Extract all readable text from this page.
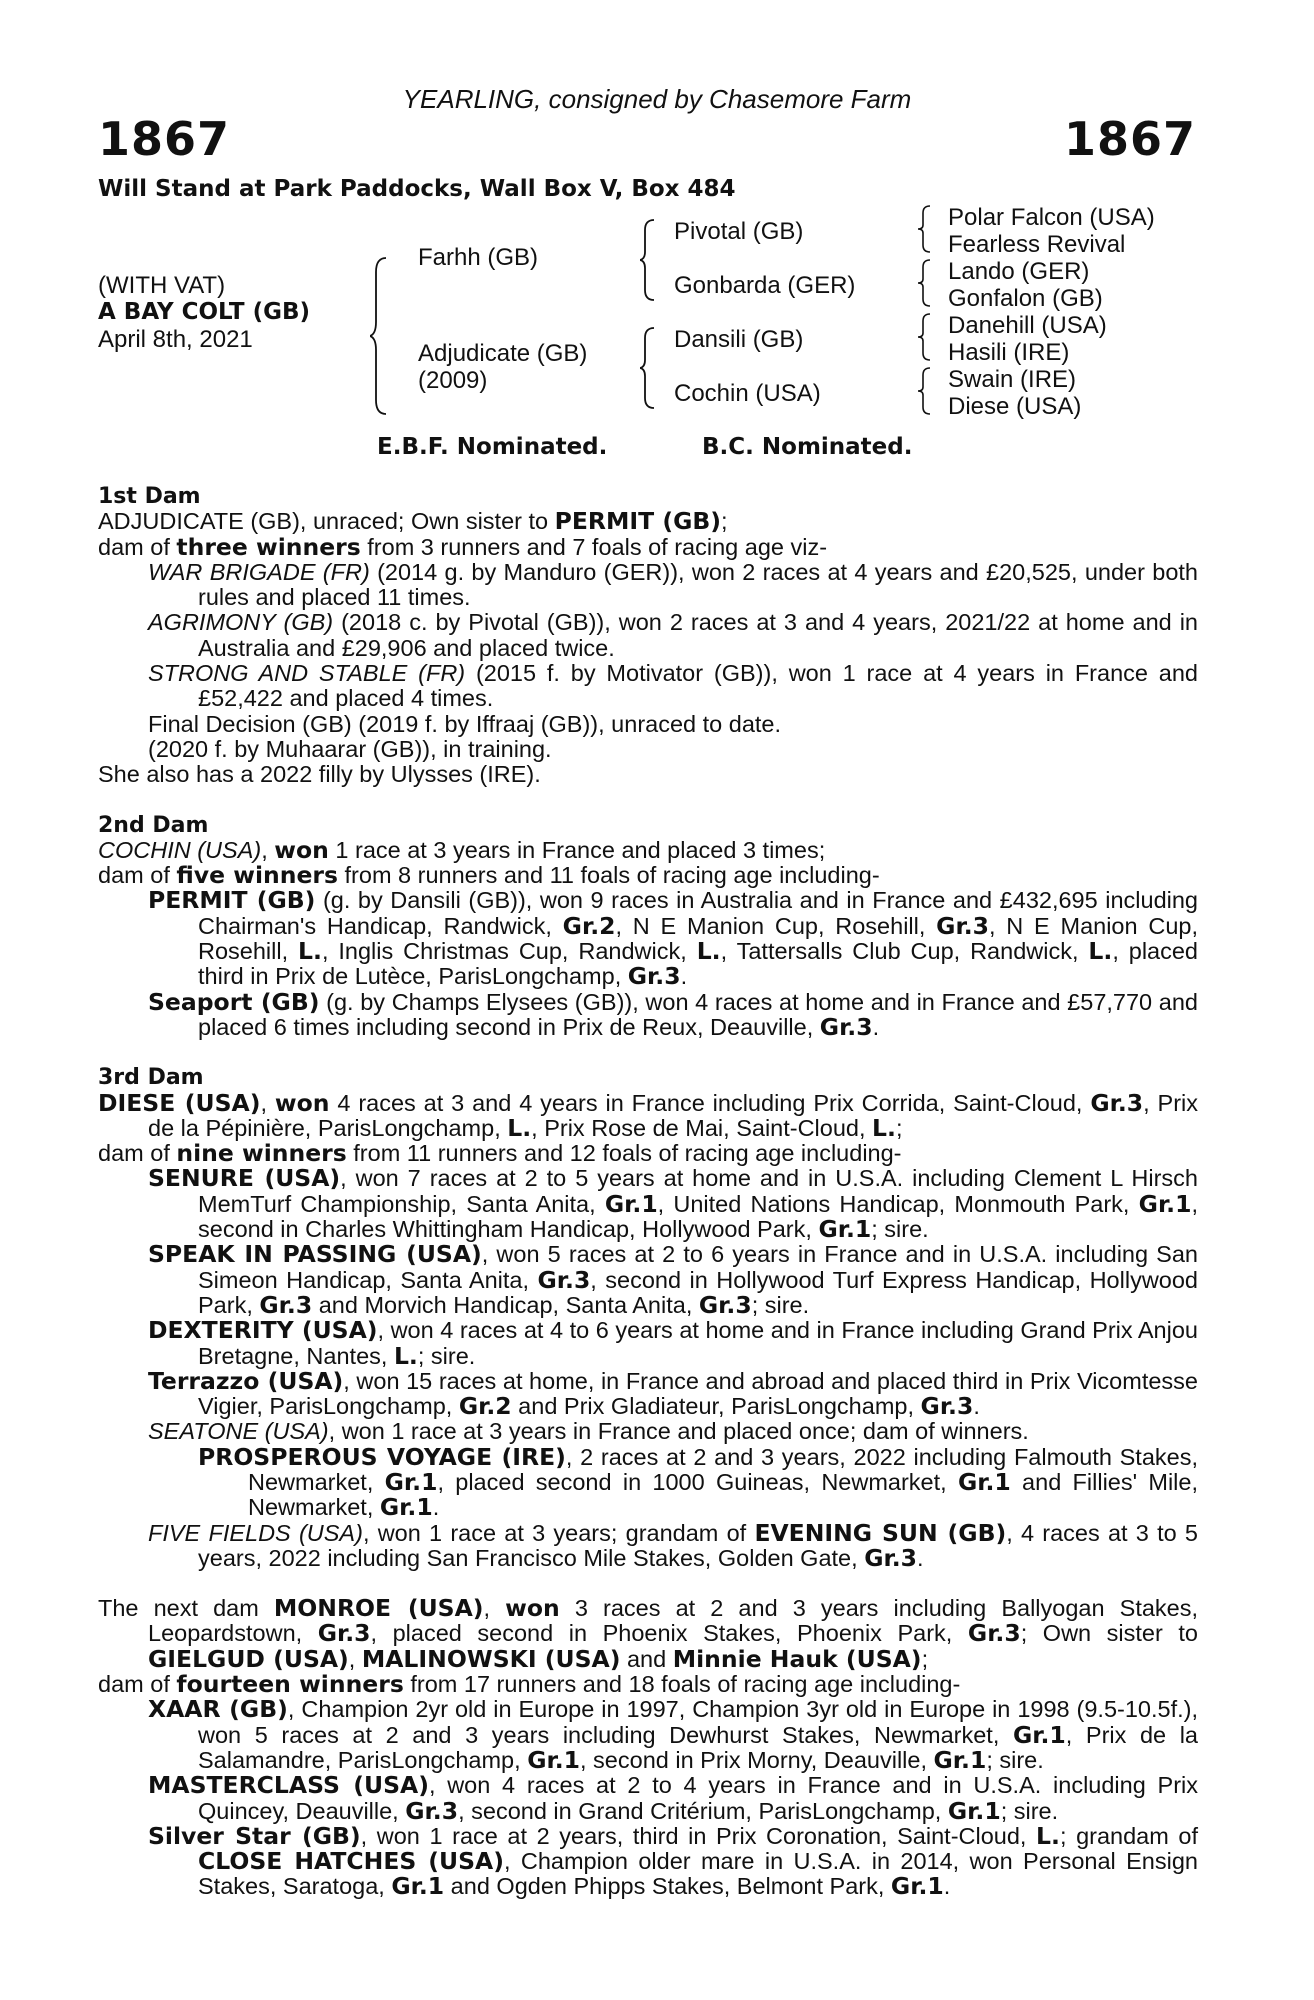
YEARLING, consigned by Chasemore Farm
1867	1867
Will Stand at Park Paddocks, Wall Box V, Box 484
(WITH VAT)
A BAY COLT (GB)
April 8th, 2021
Farhh (GB)
Adjudicate (GB)
(2009)
Pivotal (GB)
Gonbarda (GER)
Dansili (GB)
Cochin (USA)
Polar Falcon (USA)
Fearless Revival
Lando (GER)
Gonfalon (GB)
Danehill (USA)
Hasili (IRE)
Swain (IRE)
Diese (USA)
E.B.F. Nominated.	B.C. Nominated.

1st Dam

ADJUDICATE (GB), unraced; Own sister to PERMIT (GB);

dam of three winners from 3 runners and 7 foals of racing age viz-

WAR BRIGADE (FR) (2014 g. by Manduro (GER)), won 2 races at 4 years and £20,525, under both rules and placed 11 times.

AGRIMONY (GB) (2018 c. by Pivotal (GB)), won 2 races at 3 and 4 years, 2021/22 at home and in Australia and £29,906 and placed twice.

STRONG AND STABLE (FR) (2015 f. by Motivator (GB)), won 1 race at 4 years in France and £52,422 and placed 4 times.

Final Decision (GB) (2019 f. by Iffraaj (GB)), unraced to date.

(2020 f. by Muhaarar (GB)), in training.

She also has a 2022 filly by Ulysses (IRE).

2nd Dam

COCHIN (USA), won 1 race at 3 years in France and placed 3 times;

dam of five winners from 8 runners and 11 foals of racing age including-

PERMIT (GB) (g. by Dansili (GB)), won 9 races in Australia and in France and £432,695 including Chairman's Handicap, Randwick, Gr.2, N E Manion Cup, Rosehill, Gr.3, N E Manion Cup, Rosehill, L., Inglis Christmas Cup, Randwick, L., Tattersalls Club Cup, Randwick, L., placed third in Prix de Lutèce, ParisLongchamp, Gr.3.

Seaport (GB) (g. by Champs Elysees (GB)), won 4 races at home and in France and £57,770 and placed 6 times including second in Prix de Reux, Deauville, Gr.3.

3rd Dam

DIESE (USA), won 4 races at 3 and 4 years in France including Prix Corrida, Saint-Cloud, Gr.3, Prix de la Pépinière, ParisLongchamp, L., Prix Rose de Mai, Saint-Cloud, L.;

dam of nine winners from 11 runners and 12 foals of racing age including-

SENURE (USA), won 7 races at 2 to 5 years at home and in U.S.A. including Clement L Hirsch MemTurf Championship, Santa Anita, Gr.1, United Nations Handicap, Monmouth Park, Gr.1, second in Charles Whittingham Handicap, Hollywood Park, Gr.1; sire.

SPEAK IN PASSING (USA), won 5 races at 2 to 6 years in France and in U.S.A. including San Simeon Handicap, Santa Anita, Gr.3, second in Hollywood Turf Express Handicap, Hollywood Park, Gr.3 and Morvich Handicap, Santa Anita, Gr.3; sire.

DEXTERITY (USA), won 4 races at 4 to 6 years at home and in France including Grand Prix Anjou Bretagne, Nantes, L.; sire.

Terrazzo (USA), won 15 races at home, in France and abroad and placed third in Prix Vicomtesse Vigier, ParisLongchamp, Gr.2 and Prix Gladiateur, ParisLongchamp, Gr.3.

SEATONE (USA), won 1 race at 3 years in France and placed once; dam of winners.

PROSPEROUS VOYAGE (IRE), 2 races at 2 and 3 years, 2022 including Falmouth Stakes, Newmarket, Gr.1, placed second in 1000 Guineas, Newmarket, Gr.1 and Fillies' Mile, Newmarket, Gr.1.

FIVE FIELDS (USA), won 1 race at 3 years; grandam of EVENING SUN (GB), 4 races at 3 to 5 years, 2022 including San Francisco Mile Stakes, Golden Gate, Gr.3.

The next dam MONROE (USA), won 3 races at 2 and 3 years including Ballyogan Stakes, Leopardstown, Gr.3, placed second in Phoenix Stakes, Phoenix Park, Gr.3; Own sister to GIELGUD (USA), MALINOWSKI (USA) and Minnie Hauk (USA);

dam of fourteen winners from 17 runners and 18 foals of racing age including-

XAAR (GB), Champion 2yr old in Europe in 1997, Champion 3yr old in Europe in 1998 (9.5-10.5f.), won 5 races at 2 and 3 years including Dewhurst Stakes, Newmarket, Gr.1, Prix de la Salamandre, ParisLongchamp, Gr.1, second in Prix Morny, Deauville, Gr.1; sire.

MASTERCLASS (USA), won 4 races at 2 to 4 years in France and in U.S.A. including Prix Quincey, Deauville, Gr.3, second in Grand Critérium, ParisLongchamp, Gr.1; sire.

Silver Star (GB), won 1 race at 2 years, third in Prix Coronation, Saint-Cloud, L.; grandam of CLOSE HATCHES (USA), Champion older mare in U.S.A. in 2014, won Personal Ensign Stakes, Saratoga, Gr.1 and Ogden Phipps Stakes, Belmont Park, Gr.1.
